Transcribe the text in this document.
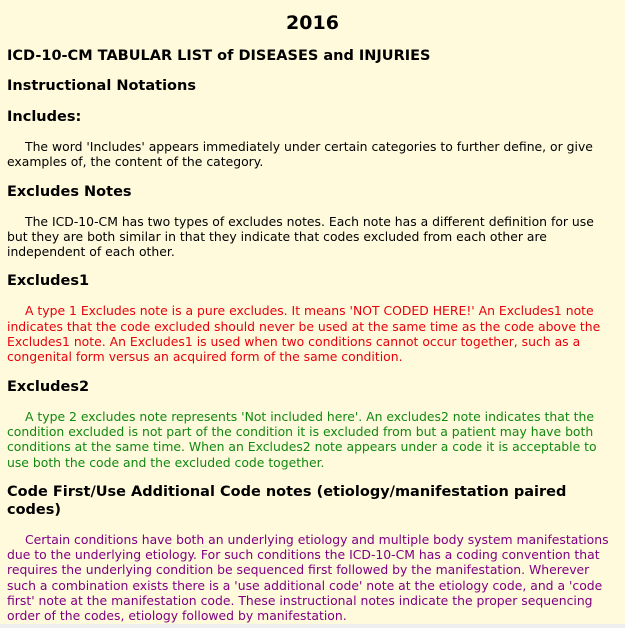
2016
ICD-10-CM TABULAR LIST of DISEASES and INJURIES
Instructional Notations
Includes:

The word 'Includes' appears immediately under certain categories to further define, or give examples of, the content of the category.

Excludes Notes

The ICD-10-CM has two types of excludes notes. Each note has a different definition for use but they are both similar in that they indicate that codes excluded from each other are independent of each other.

Excludes1

A type 1 Excludes note is a pure excludes. It means 'NOT CODED HERE!' An Excludes1 note indicates that the code excluded should never be used at the same time as the code above the Excludes1 note. An Excludes1 is used when two conditions cannot occur together, such as a congenital form versus an acquired form of the same condition.

Excludes2

A type 2 excludes note represents 'Not included here'. An excludes2 note indicates that the condition excluded is not part of the condition it is excluded from but a patient may have both conditions at the same time. When an Excludes2 note appears under a code it is acceptable to use both the code and the excluded code together.

Code First/Use Additional Code notes (etiology/manifestation paired codes)

Certain conditions have both an underlying etiology and multiple body system manifestations due to the underlying etiology. For such conditions the ICD-10-CM has a coding convention that requires the underlying condition be sequenced first followed by the manifestation. Wherever such a combination exists there is a 'use additional code' note at the etiology code, and a 'code first' note at the manifestation code. These instructional notes indicate the proper sequencing order of the codes, etiology followed by manifestation.
